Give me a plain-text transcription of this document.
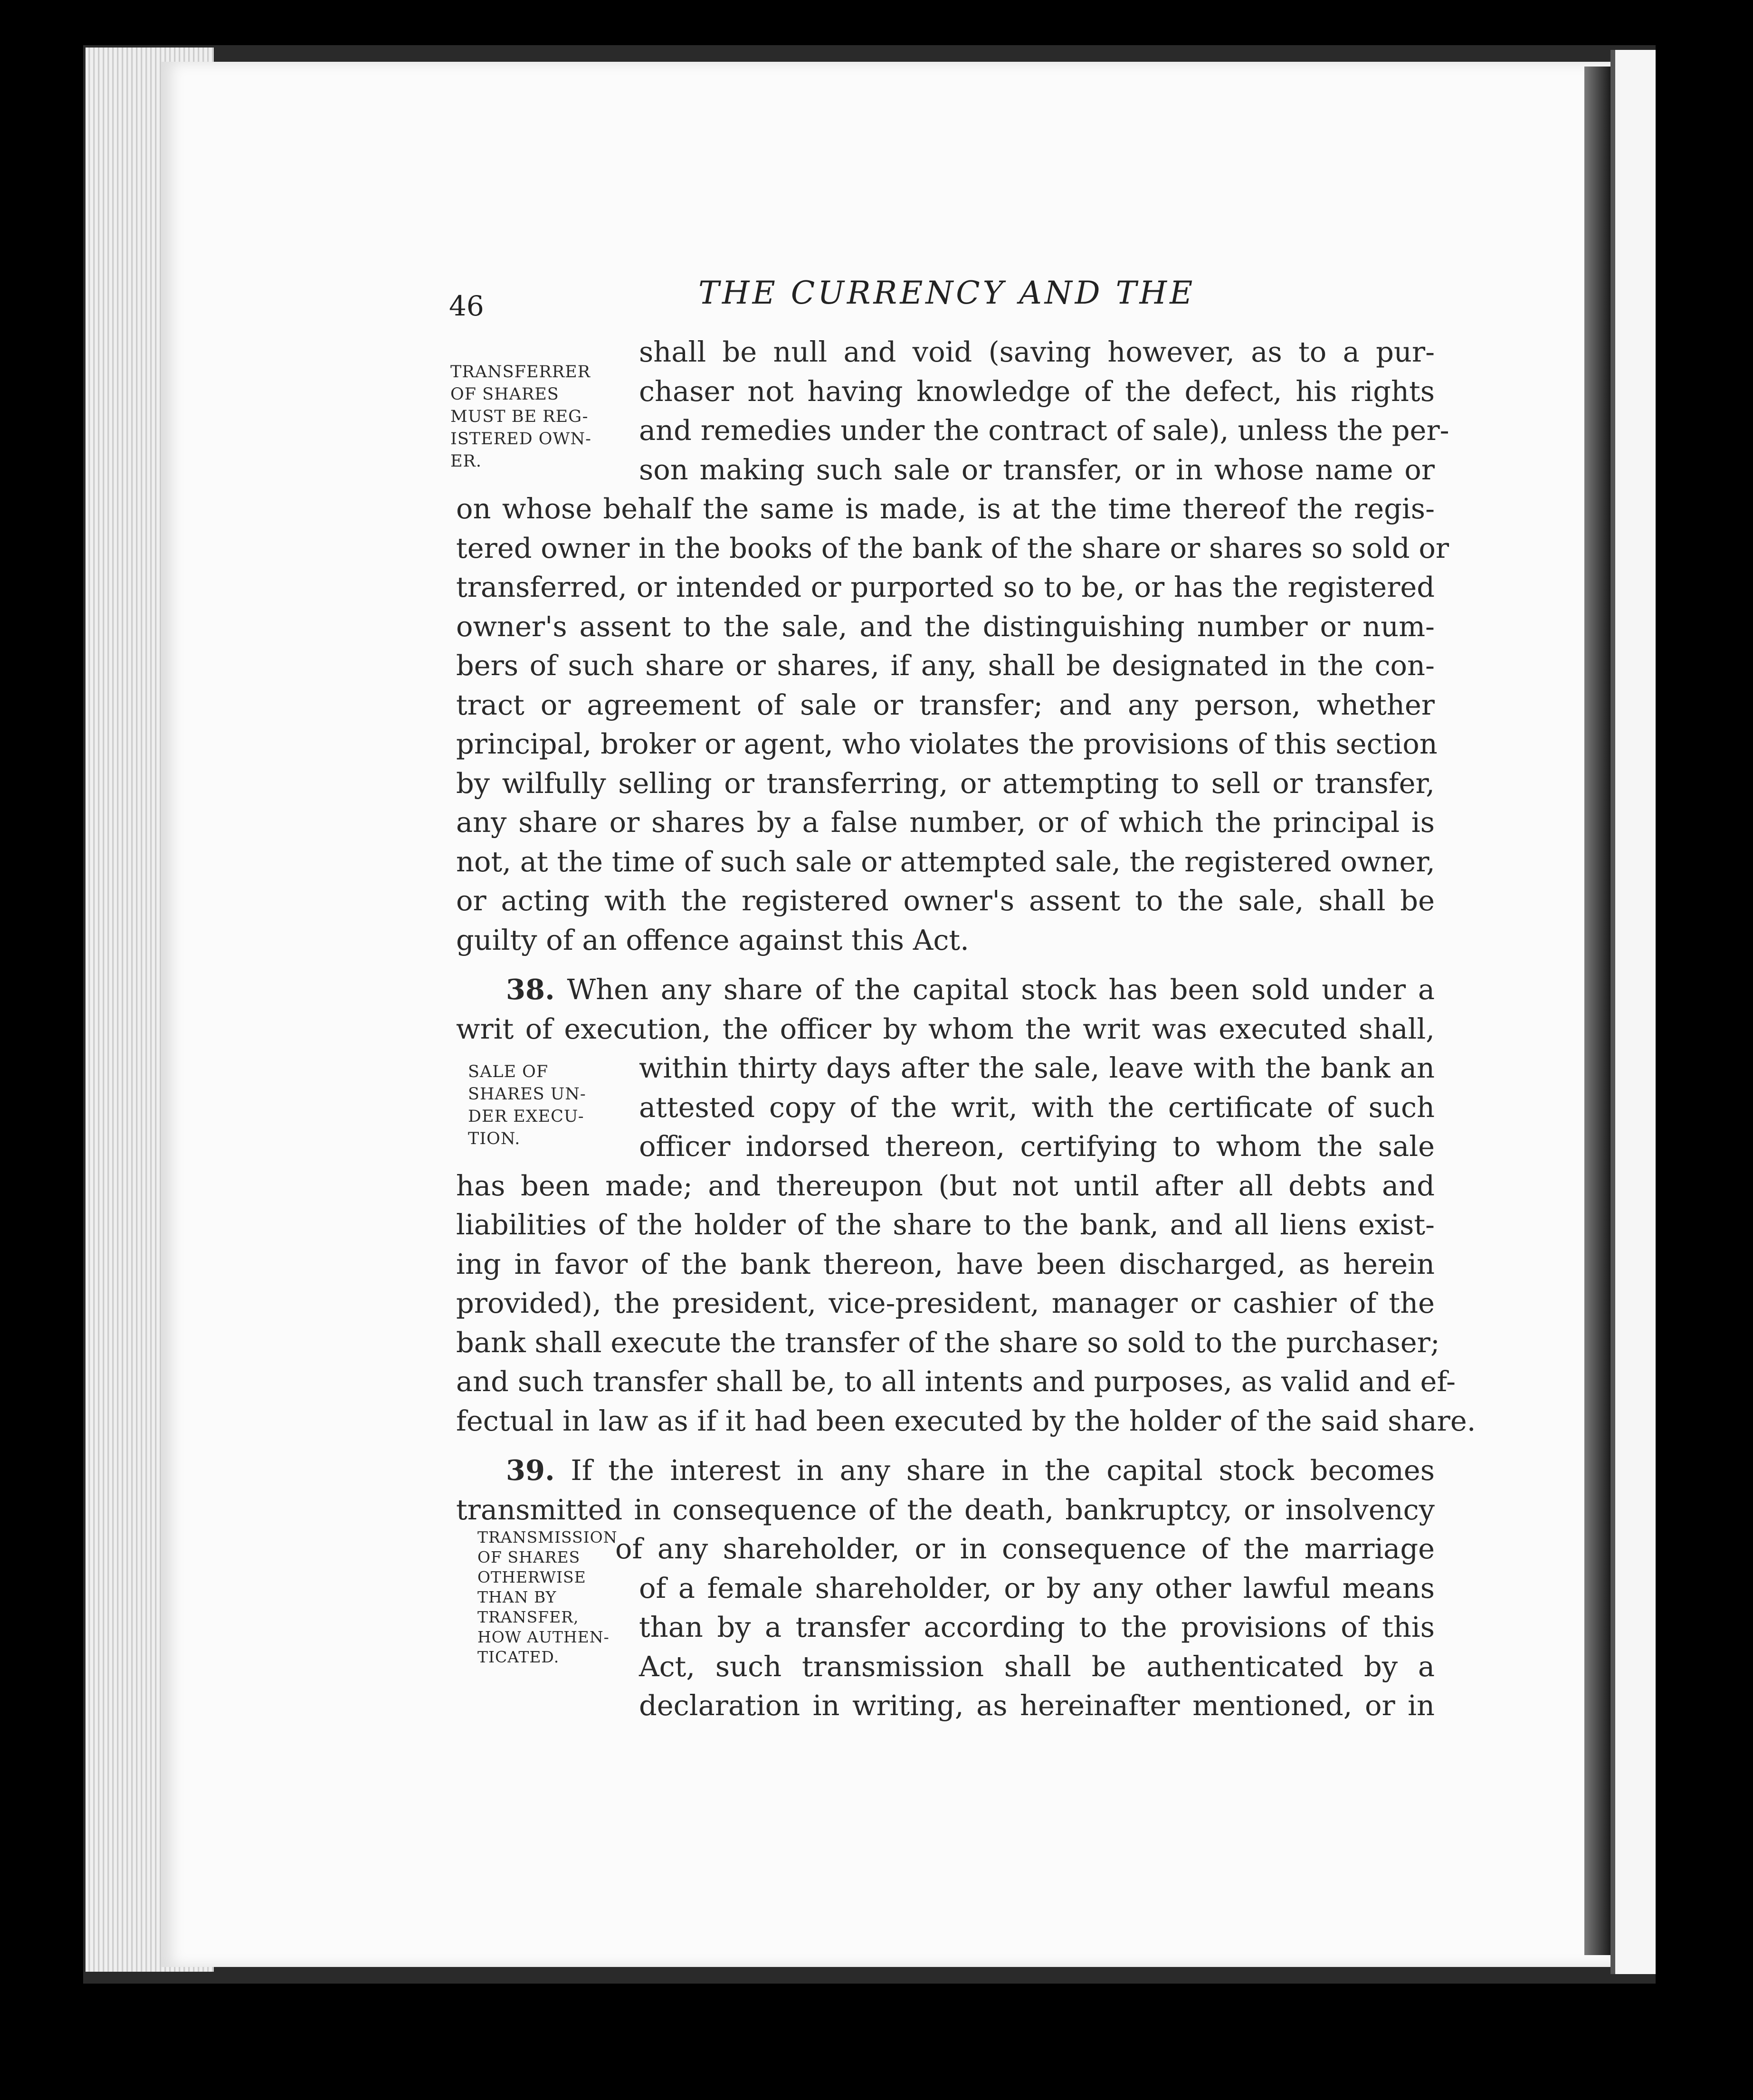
46	THE CURRENCY AND THE
TRANSFERRER
OF SHARES
MUST BE REG-
ISTERED OWN-
ER.
SALE OF
SHARES UN-
DER EXECU-
TION.
TRANSMISSION
OF SHARES
OTHERWISE
THAN BY
TRANSFER,
HOW AUTHEN-
TICATED.
shall be null and void (saving however, as to a pur-
chaser not having knowledge of the defect, his rights
and remedies under the contract of sale), unless the per-
son making such sale or transfer, or in whose name or
on whose behalf the same is made, is at the time thereof the regis-
tered owner in the books of the bank of the share or shares so sold or
transferred, or intended or purported so to be, or has the registered
owner's assent to the sale, and the distinguishing number or num-
bers of such share or shares, if any, shall be designated in the con-
tract or agreement of sale or transfer; and any person, whether
principal, broker or agent, who violates the provisions of this section
by wilfully selling or transferring, or attempting to sell or transfer,
any share or shares by a false number, or of which the principal is
not, at the time of such sale or attempted sale, the registered owner,
or acting with the registered owner's assent to the sale, shall be
guilty of an offence against this Act.
38. When any share of the capital stock has been sold under a
writ of execution, the officer by whom the writ was executed shall,
within thirty days after the sale, leave with the bank an
attested copy of the writ, with the certificate of such
officer indorsed thereon, certifying to whom the sale
has been made; and thereupon (but not until after all debts and
liabilities of the holder of the share to the bank, and all liens exist-
ing in favor of the bank thereon, have been discharged, as herein
provided), the president, vice-president, manager or cashier of the
bank shall execute the transfer of the share so sold to the purchaser;
and such transfer shall be, to all intents and purposes, as valid and ef-
fectual in law as if it had been executed by the holder of the said share.
39. If the interest in any share in the capital stock becomes
transmitted in consequence of the death, bankruptcy, or insolvency
of any shareholder, or in consequence of the marriage
of a female shareholder, or by any other lawful means
than by a transfer according to the provisions of this
Act, such transmission shall be authenticated by a
declaration in writing, as hereinafter mentioned, or in
